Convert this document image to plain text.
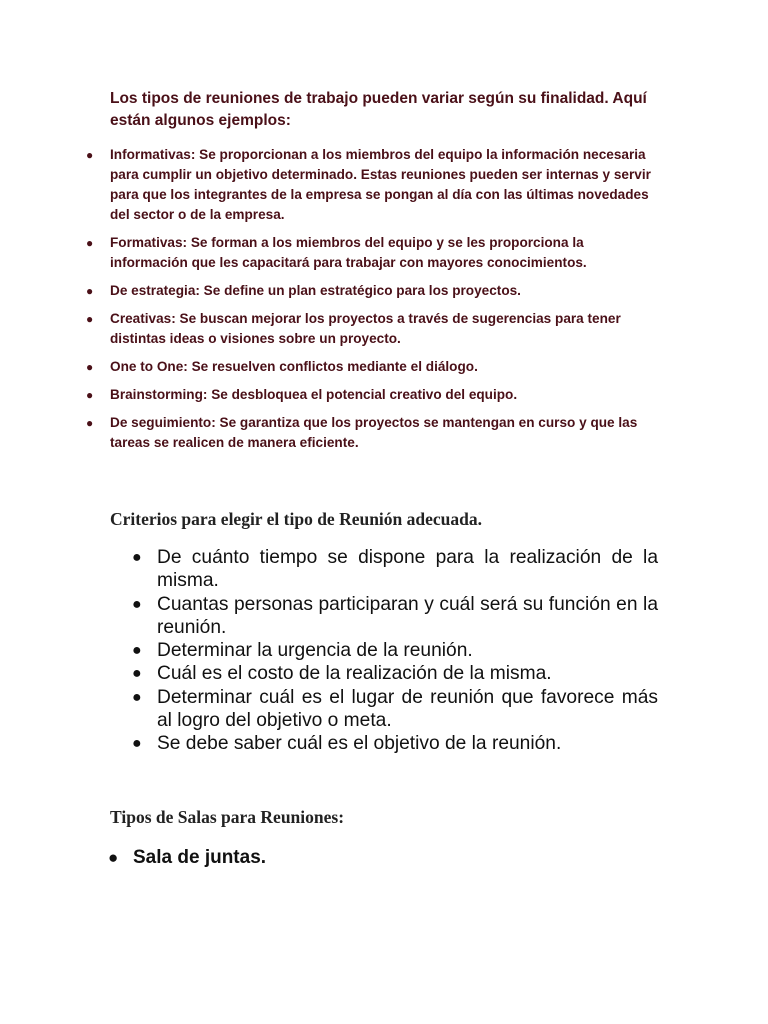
Los tipos de reuniones de trabajo pueden variar según su finalidad. Aquí están algunos ejemplos:

● Informativas: Se proporcionan a los miembros del equipo la información necesaria para cumplir un objetivo determinado. Estas reuniones pueden ser internas y servir para que los integrantes de la empresa se pongan al día con las últimas novedades del sector o de la empresa.
● Formativas: Se forman a los miembros del equipo y se les proporciona la información que les capacitará para trabajar con mayores conocimientos.
● De estrategia: Se define un plan estratégico para los proyectos.
● Creativas: Se buscan mejorar los proyectos a través de sugerencias para tener distintas ideas o visiones sobre un proyecto.
● One to One: Se resuelven conflictos mediante el diálogo.
● Brainstorming: Se desbloquea el potencial creativo del equipo.
● De seguimiento: Se garantiza que los proyectos se mantengan en curso y que las tareas se realicen de manera eficiente.
Criterios para elegir el tipo de Reunión adecuada.
● De cuánto tiempo se dispone para la realización de la misma.
● Cuantas personas participaran y cuál será su función en la reunión.
● Determinar la urgencia de la reunión.
● Cuál es el costo de la realización de la misma.
● Determinar cuál es el lugar de reunión que favorece más al logro del objetivo o meta.
● Se debe saber cuál es el objetivo de la reunión.
Tipos de Salas para Reuniones:
● Sala de juntas.
